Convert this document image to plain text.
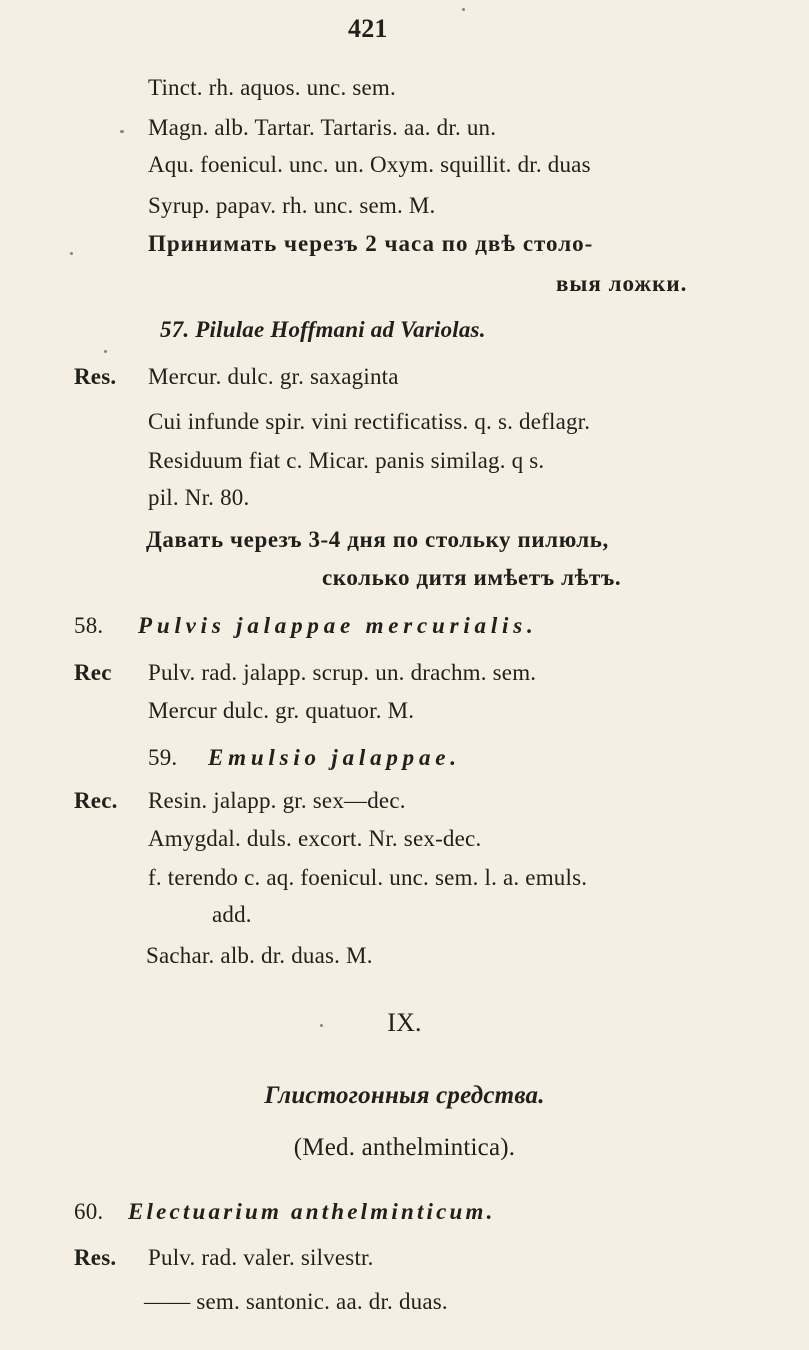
421
Tinct. rh. aquos. unc. sem.
Magn. alb. Tartar. Tartaris. aa. dr. un.
Aqu. foenicul. unc. un. Oxym. squillit. dr. duas
Syrup. papav. rh. unc. sem. M.
Принимать черезъ 2 часа по двѣ столо-
выя ложки.
57. Pilulae Hoffmani ad Variolas.
Res. Mercur. dulc. gr. saxaginta
Cui infunde spir. vini rectificatiss. q. s. deflagr.
Residuum fiat c. Micar. panis similag. q s.
pil. Nr. 80.
Давать черезъ 3-4 дня по стольку пилюль,
сколько дитя имѣетъ лѣтъ.
58. Pulvis jalappae mercurialis.
Rec Pulv. rad. jalapp. scrup. un. drachm. sem.
Mercur dulc. gr. quatuor. M.
59. Emulsio jalappae.
Rec. Resin. jalapp. gr. sex—dec.
Amygdal. duls. excort. Nr. sex-dec.
f. terendo c. aq. foenicul. unc. sem. l. a. emuls.
add.
Sachar. alb. dr. duas. M.
IX.
Глистогонныя средства.
(Med. anthelmintica).
60. Electuarium anthelminticum.
Res. Pulv. rad. valer. silvestr.
—— sem. santonic. aa. dr. duas.
